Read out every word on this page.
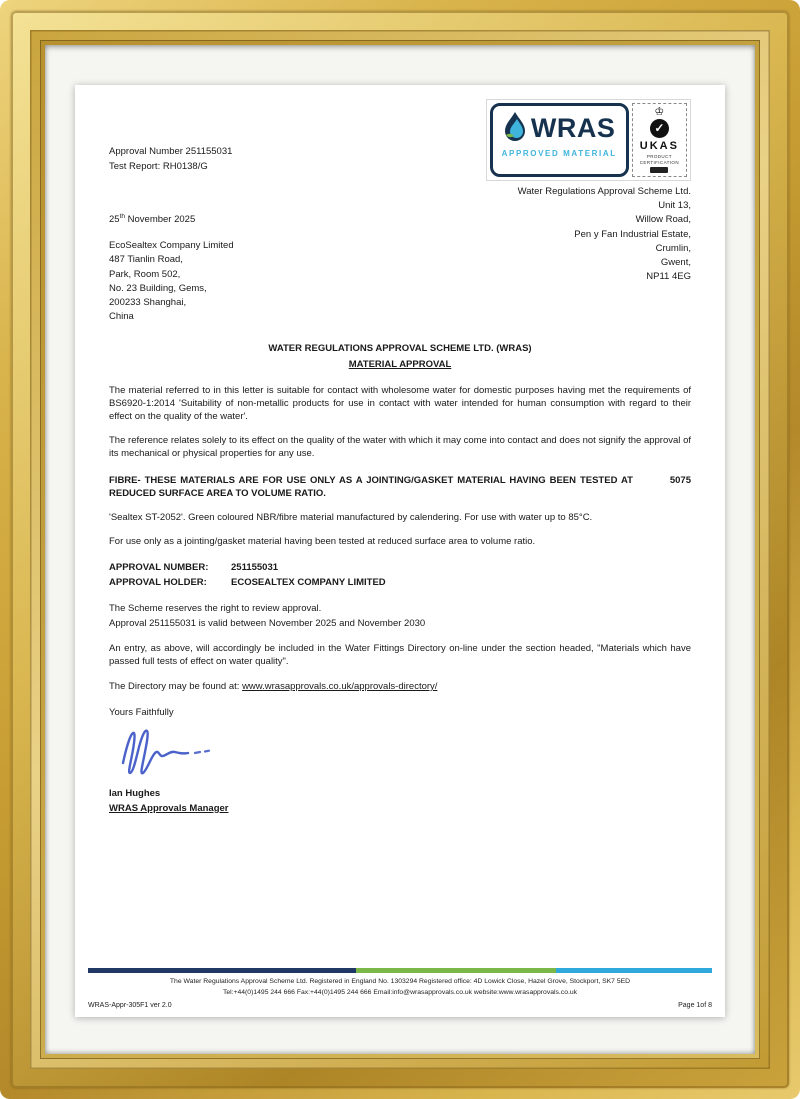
Approval Number 251155031
Test Report: RH0138/G
WRAS
APPROVED MATERIAL
♔
✓
UKAS
PRODUCT
CERTIFICATION
25th November 2025
EcoSealtex Company Limited
487 Tianlin Road,
Park, Room 502,
No. 23 Building, Gems,
200233 Shanghai,
China
Water Regulations Approval Scheme Ltd.
Unit 13,
Willow Road,
Pen y Fan Industrial Estate,
Crumlin,
Gwent,
NP11 4EG
WATER REGULATIONS APPROVAL SCHEME LTD. (WRAS)
MATERIAL APPROVAL
The material referred to in this letter is suitable for contact with wholesome water for domestic purposes having met the requirements of BS6920-1:2014 'Suitability of non-metallic products for use in contact with water intended for human consumption with regard to their effect on the quality of the water'.
The reference relates solely to its effect on the quality of the water with which it may come into contact and does not signify the approval of its mechanical or physical properties for any use.
FIBRE- THESE MATERIALS ARE FOR USE ONLY AS A JOINTING/GASKET MATERIAL HAVING BEEN TESTED AT REDUCED SURFACE AREA TO VOLUME RATIO.
5075
'Sealtex ST-2052'. Green coloured NBR/fibre material manufactured by calendering. For use with water up to 85°C.
For use only as a jointing/gasket material having been tested at reduced surface area to volume ratio.
APPROVAL NUMBER:	251155031
APPROVAL HOLDER:	ECOSEALTEX COMPANY LIMITED
The Scheme reserves the right to review approval.
Approval 251155031 is valid between November 2025 and November 2030
An entry, as above, will accordingly be included in the Water Fittings Directory on-line under the section headed, "Materials which have passed full tests of effect on water quality".
The Directory may be found at: www.wrasapprovals.co.uk/approvals-directory/
Yours Faithfully
Ian Hughes
WRAS Approvals Manager
The Water Regulations Approval Scheme Ltd. Registered in England No. 1303294 Registered office: 4D Lowick Close, Hazel Grove, Stockport, SK7 5ED
Tel:+44(0)1495 244 666 Fax:+44(0)1495 244 666 Email:info@wrasapprovals.co.uk website:www.wrasapprovals.co.uk
WRAS-Appr-305F1 ver 2.0	Page 1of 8
